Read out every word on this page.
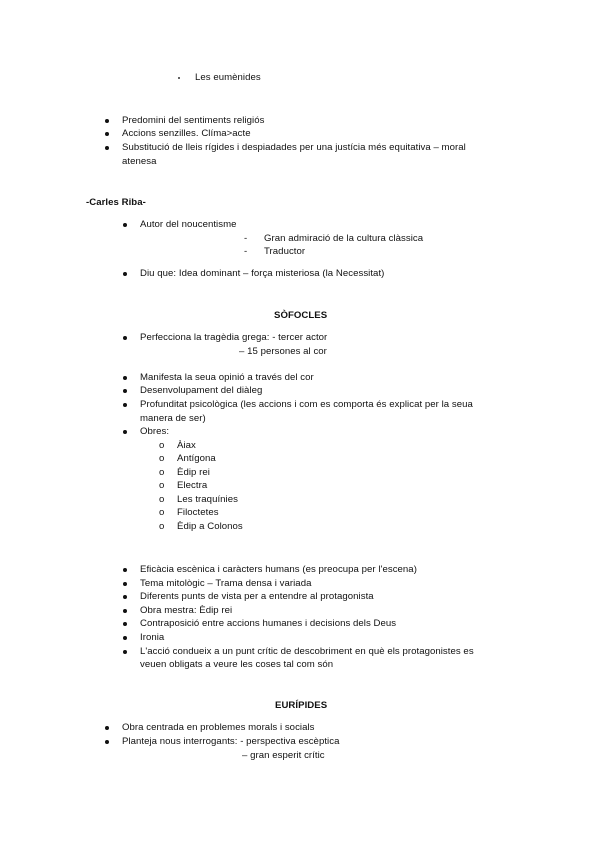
Les eumènides
Predomini del sentiments religiós
Accions senzilles. Clíma>acte
Substitució de lleis rígides i despiadades per una justícia més equitativa – moral
atenesa
-Carles Riba-
Autor del noucentisme
- Gran admiració de la cultura clàssica
- Traductor
Diu que: Idea dominant – força misteriosa (la Necessitat)
SÒFOCLES
Perfecciona la tragèdia grega: - tercer actor
– 15 persones al cor
Manifesta la seua opinió a través del cor
Desenvolupament del diàleg
Profunditat psicològica (les accions i com es comporta és explicat per la seua
manera de ser)
Obres:
o Àiax
o Antígona
o Èdip rei
o Electra
o Les traquínies
o Filoctetes
o Èdip a Colonos
Eficàcia escènica i caràcters humans (es preocupa per l'escena)
Tema mitològic – Trama densa i variada
Diferents punts de vista per a entendre al protagonista
Obra mestra: Èdip rei
Contraposició entre accions humanes i decisions dels Deus
Ironia
L'acció condueix a un punt crític de descobriment en què els protagonistes es
veuen obligats a veure les coses tal com són
EURÍPIDES
Obra centrada en problemes morals i socials
Planteja nous interrogants: - perspectiva escèptica
– gran esperit crític
